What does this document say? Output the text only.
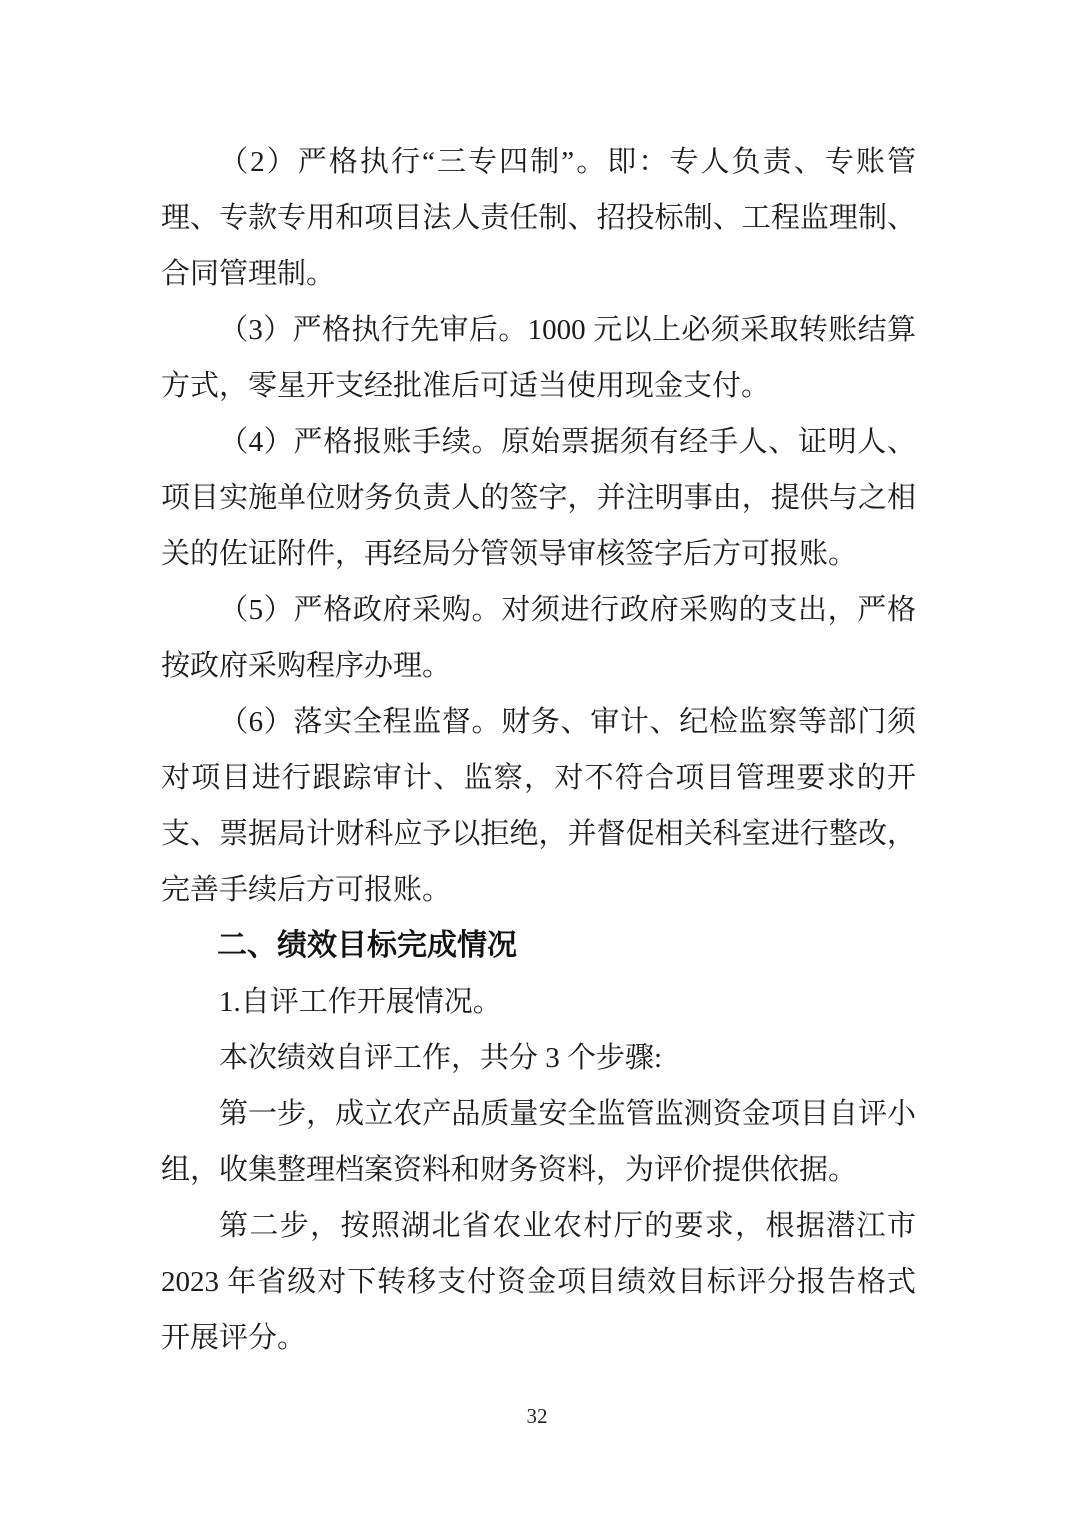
（2）严格执行“三专四制”。即：专人负责、专账管理、专款专用和项目法人责任制、招投标制、工程监理制、合同管理制。

（3）严格执行先审后。1000 元以上必须采取转账结算方式，零星开支经批准后可适当使用现金支付。

（4）严格报账手续。原始票据须有经手人、证明人、项目实施单位财务负责人的签字，并注明事由，提供与之相关的佐证附件，再经局分管领导审核签字后方可报账。

（5）严格政府采购。对须进行政府采购的支出，严格按政府采购程序办理。

（6）落实全程监督。财务、审计、纪检监察等部门须对项目进行跟踪审计、监察，对不符合项目管理要求的开支、票据局计财科应予以拒绝，并督促相关科室进行整改，完善手续后方可报账。

二、绩效目标完成情况

1.自评工作开展情况。

本次绩效自评工作，共分 3 个步骤:

第一步，成立农产品质量安全监管监测资金项目自评小组，收集整理档案资料和财务资料，为评价提供依据。

第二步，按照湖北省农业农村厅的要求，根据潜江市 2023 年省级对下转移支付资金项目绩效目标评分报告格式开展评分。

32
